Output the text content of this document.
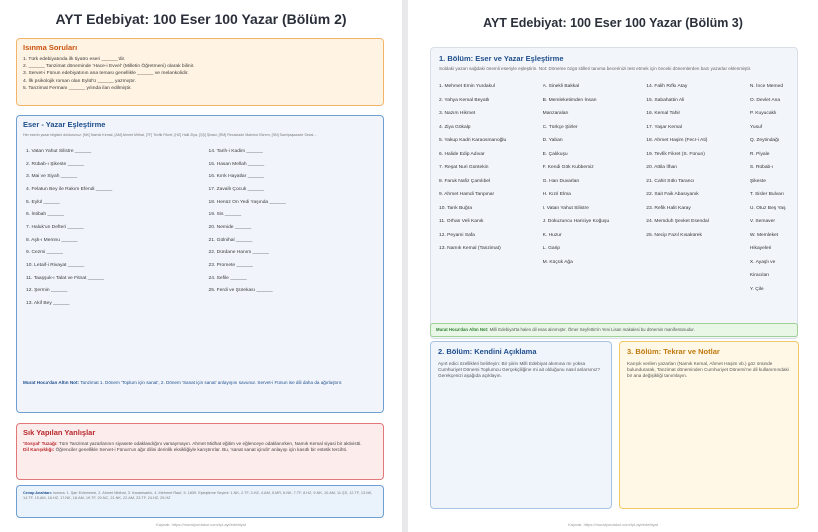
AYT Edebiyat: 100 Eser 100 Yazar (Bölüm 2)
Isınma Soruları
1. Türk edebiyatında ilk tiyatro eseri ______'dir.
2. ______ Tanzimat döneminde 'Hace-i Evvel' (Milletin Öğretmeni) olarak bilinir.
3. Servet-i Fünun edebiyatının ana teması genellikle ______ ve melankolidir.
4. İlk psikolojik roman olan Eylül'ü ______ yazmıştır.
5. Tanzimat Fermanı ______ yılında ilan edilmiştir.
Eser - Yazar Eşleştirme
Her eserin yazar bilgisini doldurunuz: [NK] Namık Kemal, [AM] Ahmet Mithat, [TF] Tevfik Fikret, [HZ] Halit Ziya, [ŞŞ] Şinasi, [RM] Recaizade Mahmut Ekrem, [SN] Samipaşazade Sezai ...
1. Vatan Yahut Silistre ______
2. Rübab-ı Şikeste ______
3. Mai ve Siyah ______
4. Felatun Bey ile Rakım Efendi ______
5. Eylül ______
6. İntibah ______
7. Haluk'un Defteri ______
8. Aşk-ı Memnu ______
9. Cezmi ______
10. Letaif-i Rivayat ______
11. Taaşşuk-ı Talat ve Fitnat ______
12. Şermin ______
13. Akif Bey ______
14. Tarih-i Kadim ______
15. Hasan Mellah ______
16. Kırık Hayatlar ______
17. Zavallı Çocuk ______
18. Henüz On Yedi Yaşında ______
19. Sis ______
20. Nemide ______
21. Gülnihal ______
22. Dürdane Hanım ______
23. Prometе ______
24. Sefile ______
25. Ferdi ve Şürekası ______
Murat Hoca'dan Altın Not: Tanzimat 1. Dönem 'Toplum için sanat', 2. Dönem 'Sanat için sanat' anlayışını savunur. Servet-i Fünun ise dili daha da ağırlaştırır.
Sık Yapılan Yanlışlar
'Sosyal' Tuzağı: Tüm Tanzimat yazarlarının siyasete odaklandığını varsaymayın. Ahmet Midhat eğitim ve eğlenceye odaklanırken, Namık Kemal siyasi bir aktivistti.
Dil Karışıklığı: Öğrenciler genellikle Servet-i Fünun'un ağır dilini derinlik eksikliğiyle karıştırırlar. Bu, 'sanat sanat içindir' anlayışı için kasıtlı bir estetik tercihti.
Cevap Anahtarı: Isınma: 1. Şair Evlenmesi, 2. Ahmet Midhat, 3. Karamsarlık, 4. Mehmet Rauf, 5. 1839. Eşleştirme Seçimi: 1.NK, 2.TF, 3.HZ, 4.AM, 5.MR, 6.NK, 7.TF, 8.HZ, 9.NK, 10.AM, 11.ŞS, 12.TF, 13.NK, 14.TF, 15.AM, 16.HZ, 17.NK, 18.AM, 19.TF, 20.NC, 21.NK, 22.AM, 23.TF, 24.HZ, 25.HZ
Kaynak: https://muratyurdakul.com/tyt-ayt/edebiyat
AYT Edebiyat: 100 Eser 100 Yazar (Bölüm 3)
1. Bölüm: Eser ve Yazar Eşleştirme
Soldaki yazarı sağdaki önemli eseriyle eşleştirin. Not: Döneme özgü stilleri tanıma becerinizi test etmek için önceki dönemlerden bazı yazarlar eklenmiştir.
1. Mehmet Emin Yurdakul
2. Yahya Kemal Beyatlı
3. Nazım Hikmet
4. Ziya Gökalp
5. Yakup Kadri Karaosmanoğlu
6. Halide Edip Adıvar
7. Reşat Nuri Güntekin
8. Faruk Nafiz Çamlıbel
9. Ahmet Hamdi Tanpınar
10. Tarık Buğra
11. Orhan Veli Kanık
12. Peyami Safa
13. Namık Kemal (Tanzimat)
A. Sinekli Bakkal
B. Memleketimden İnsan
Manzaraları
C. Türkçe Şiirler
D. Yaban
E. Çalıkuşu
F. Kendi Gök Kubbemiz
G. Han Duvarları
H. Kızıl Elma
I. Vatan Yahut Silistre
J. Dokuzuncu Hariciye Koğuşu
K. Huzur
L. Garip
M. Küçük Ağa
14. Falih Rıfkı Atay
15. Sabahattin Ali
16. Kemal Tahir
17. Yaşar Kemal
18. Ahmet Haşim (Fecr-i Ati)
19. Tevfik Fikret (S. Fünun)
20. Attila İlhan
21. Cahit Sıtkı Tarancı
22. Sait Faik Abasıyanık
23. Refik Halit Karay
24. Memduh Şevket Esendal
25. Necip Fazıl Kısakürek
N. İnce Memed
O. Devlet Ana
P. Kuyucaklı
Yusuf
Q. Zeytindağı
R. Piyale
S. Rübab-ı
Şikeste
T. Sisler Bulvarı
U. Otuz Beş Yaş
V. Semaver
W. Memleket
Hikayeleri
X. Ayaşlı ve
Kiracıları
Y. Çile
Murat Hoca'dan Altın Not: Milli Edebiyat'ta halen dil esas alınmıştır. Ömer Seyfettin'in Yeni Lisan makalesi bu dönemin manifestosudur.
2. Bölüm: Kendini Açıklama
Ayırt edici özellikleri belirleyin: Bir şiirin Milli Edebiyat akımına mı yoksa Cumhuriyet Dönemi Toplumcu Gerçekçiliğine mi ait olduğunu nasıl anlarsınız? Gerekçenizi aşağıda açıklayın.
3. Bölüm: Tekrar ve Notlar
Karışık verilen yazarları (Namık Kemal, Ahmet Haşim vb.) göz önünde bulundurarak, Tanzimat döneminden Cumhuriyet Dönemi'ne dil kullanımındaki bir ana değişikliği tanımlayın.
Kaynak: https://muratyurdakul.com/tyt-ayt/edebiyat
